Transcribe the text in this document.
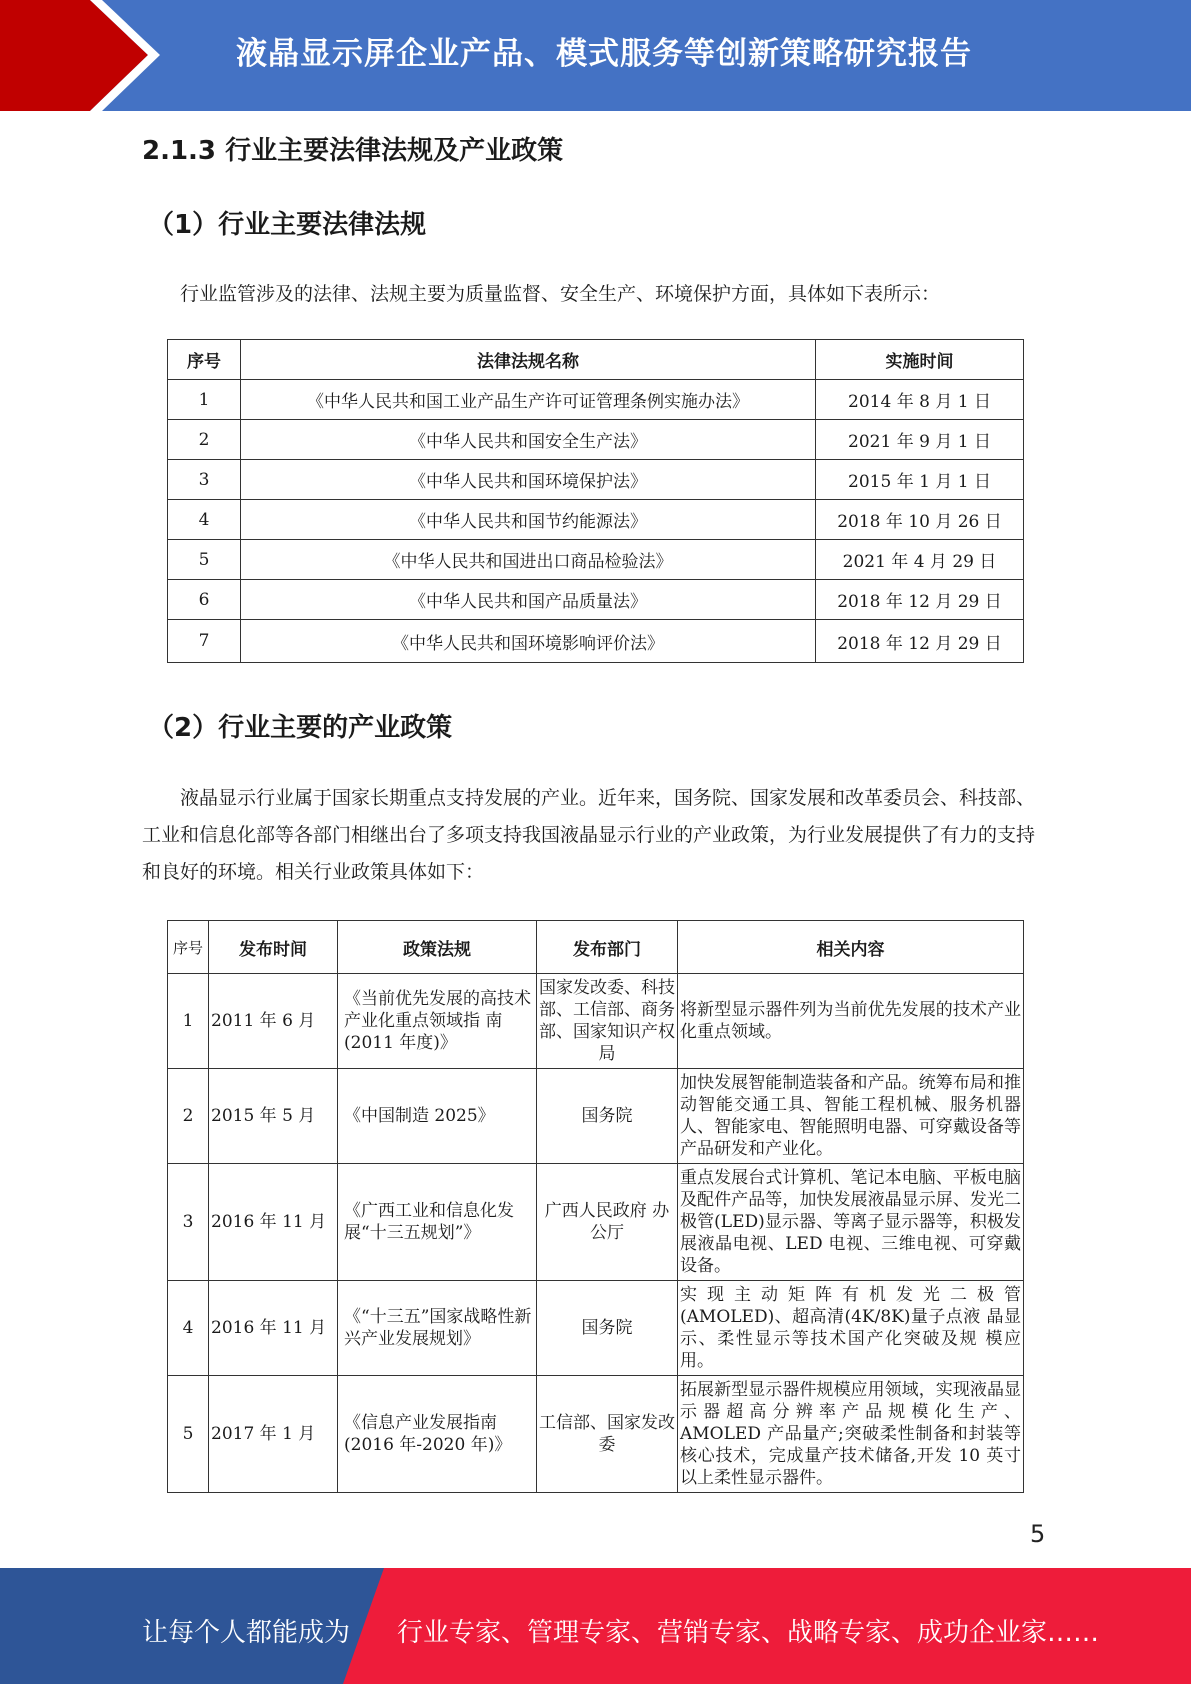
液晶显示屏企业产品、模式服务等创新策略研究报告
2.1.3 行业主要法律法规及产业政策
（1）行业主要法律法规
行业监管涉及的法律、法规主要为质量监督、安全生产、环境保护方面，具体如下表所示：
序号	法律法规名称	实施时间
1	《中华人民共和国工业产品生产许可证管理条例实施办法》	2014 年 8 月 1 日
2	《中华人民共和国安全生产法》	2021 年 9 月 1 日
3	《中华人民共和国环境保护法》	2015 年 1 月 1 日
4	《中华人民共和国节约能源法》	2018 年 10 月 26 日
5	《中华人民共和国进出口商品检验法》	2021 年 4 月 29 日
6	《中华人民共和国产品质量法》	2018 年 12 月 29 日
7	《中华人民共和国环境影响评价法》	2018 年 12 月 29 日
（2）行业主要的产业政策
液晶显示行业属于国家长期重点支持发展的产业。近年来，国务院、国家发展和改革委员会、科技部、工业和信息化部等各部门相继出台了多项支持我国液晶显示行业的产业政策，为行业发展提供了有力的支持和良好的环境。相关行业政策具体如下：
序号	发布时间	政策法规	发布部门	相关内容
1	2011 年 6 月	《当前优先发展的高技术产业化重点领域指 南(2011 年度)》	国家发改委、科技部、工信部、商务部、国家知识产权局	将新型显示器件列为当前优先发展的技术产业化重点领域。
2	2015 年 5 月	《中国制造 2025》	国务院	加快发展智能制造装备和产品。统筹布局和推动智能交通工具、智能工程机械、服务机器人、智能家电、智能照明电器、可穿戴设备等产品研发和产业化。
3	2016 年 11 月	《广西工业和信息化发展“十三五规划”》	广西人民政府 办公厅	重点发展台式计算机、笔记本电脑、平板电脑及配件产品等，加快发展液晶显示屏、发光二极管(LED)显示器、等离子显示器等，积极发展液晶电视、LED 电视、三维电视、可穿戴设备。
4	2016 年 11 月	《“十三五”国家战略性新兴产业发展规划》	国务院	实 现 主 动 矩 阵 有 机 发 光 二 极 管(AMOLED)、超高清(4K/8K)量子点液 晶显示、柔性显示等技术国产化突破及规 模应用。
5	2017 年 1 月	《信息产业发展指南(2016 年-2020 年)》	工信部、国家发改委	拓展新型显示器件规模应用领域，实现液晶显 示 器 超 高 分 辨 率 产 品 规 模 化 生 产 、AMOLED 产品量产;突破柔性制备和封装等核心技术，完成量产技术储备,开发 10 英寸以上柔性显示器件。
5
让每个人都能成为 行业专家、管理专家、营销专家、战略专家、成功企业家……
